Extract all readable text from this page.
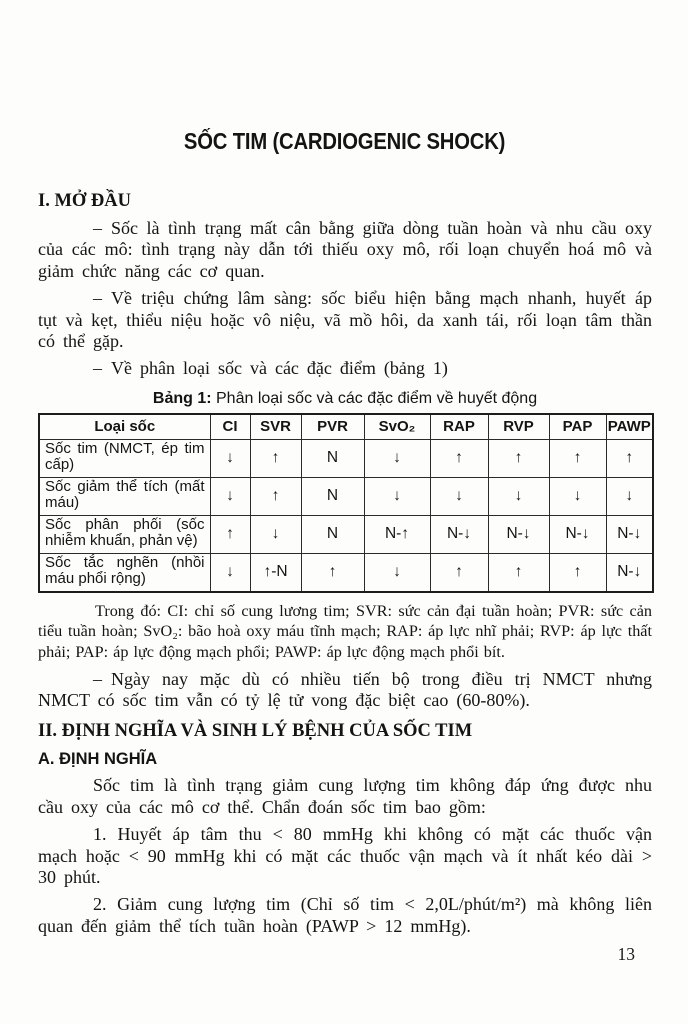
SỐC TIM (CARDIOGENIC SHOCK)
I. MỞ ĐẦU

– Sốc là tình trạng mất cân bằng giữa dòng tuần hoàn và nhu cầu oxy của các mô: tình trạng này dẫn tới thiếu oxy mô, rối loạn chuyển hoá mô và giảm chức năng các cơ quan.

– Về triệu chứng lâm sàng: sốc biểu hiện bằng mạch nhanh, huyết áp tụt và kẹt, thiểu niệu hoặc vô niệu, vã mồ hôi, da xanh tái, rối loạn tâm thần có thể gặp.

– Về phân loại sốc và các đặc điểm (bảng 1)

Bảng 1: Phân loại sốc và các đặc điểm về huyết động
Loại sốc	CI	SVR	PVR	SvO₂	RAP	RVP	PAP	PAWP
Sốc tim (NMCT, ép tim cấp)	↓	↑	N	↓	↑	↑	↑	↑
Sốc giảm thể tích (mất máu)	↓	↑	N	↓	↓	↓	↓	↓
Sốc phân phối (sốc nhiễm khuẩn, phản vệ)	↑	↓	N	N-↑	N-↓	N-↓	N-↓	N-↓
Sốc tắc nghẽn (nhồi máu phổi rộng)	↓	↑-N	↑	↓	↑	↑	↑	N-↓

Trong đó: CI: chỉ số cung lương tim; SVR: sức cản đại tuần hoàn; PVR: sức cản tiểu tuần hoàn; SvO₂: bão hoà oxy máu tĩnh mạch; RAP: áp lực nhĩ phải; RVP: áp lực thất phải; PAP: áp lực động mạch phổi; PAWP: áp lực động mạch phổi bít.

– Ngày nay mặc dù có nhiều tiến bộ trong điều trị NMCT nhưng NMCT có sốc tim vẫn có tỷ lệ tử vong đặc biệt cao (60-80%).

II. ĐỊNH NGHĨA VÀ SINH LÝ BỆNH CỦA SỐC TIM
A. ĐỊNH NGHĨA

Sốc tim là tình trạng giảm cung lượng tim không đáp ứng được nhu cầu oxy của các mô cơ thể. Chẩn đoán sốc tim bao gồm:

1. Huyết áp tâm thu < 80 mmHg khi không có mặt các thuốc vận mạch hoặc < 90 mmHg khi có mặt các thuốc vận mạch và ít nhất kéo dài > 30 phút.

2. Giảm cung lượng tim (Chỉ số tim < 2,0L/phút/m²) mà không liên quan đến giảm thể tích tuần hoàn (PAWP > 12 mmHg).

13
